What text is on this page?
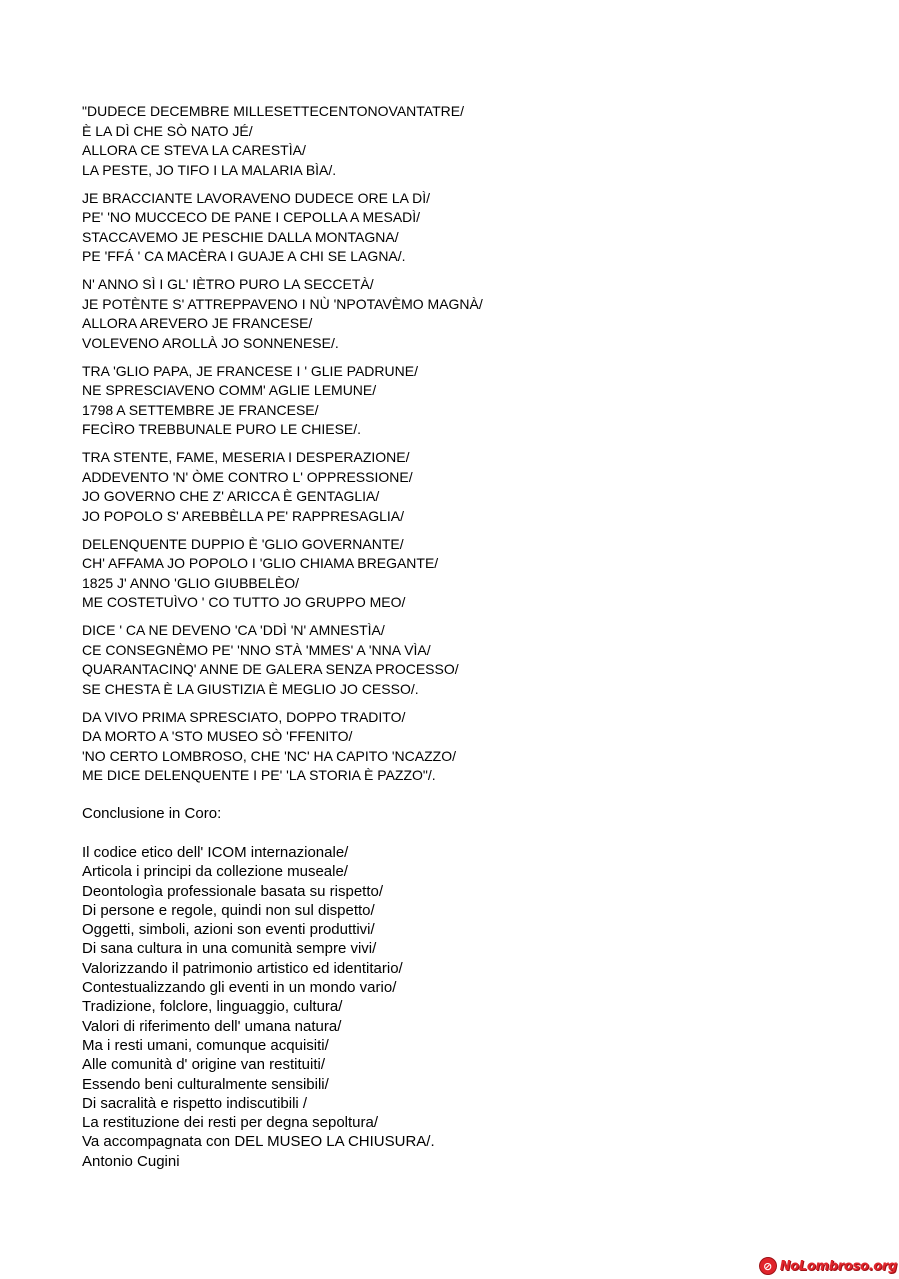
"DUDECE DECEMBRE MILLESETTECENTONOVANTATRE/
È LA DÌ CHE SÒ NATO JÉ/
ALLORA CE STEVA LA CARESTÌA/
LA PESTE, JO TIFO I LA MALARIA BÌA/.
JE BRACCIANTE LAVORAVENO DUDECE ORE LA DÌ/
PE' 'NO MUCCECO DE PANE I CEPOLLA A MESADÌ/
STACCAVEMO JE PESCHIE DALLA MONTAGNA/
PE 'FFÁ ' CA MACÈRA I GUAJE A CHI SE LAGNA/.
N' ANNO SÌ I GL' IÈTRO PURO LA SECCETÀ/
JE POTÈNTE S' ATTREPPAVENO I NÙ 'NPOTAVÈMO MAGNÀ/
ALLORA AREVERO JE FRANCESE/
VOLEVENO AROLLÀ JO SONNENESE/.
TRA 'GLIO PAPA, JE FRANCESE I ' GLIE PADRUNE/
NE SPRESCIAVENO COMM' AGLIE LEMUNE/
1798 A SETTEMBRE JE FRANCESE/
FECÌRO TREBBUNALE PURO LE CHIESE/.
TRA STENTE, FAME, MESERIA I DESPERAZIONE/
ADDEVENTO 'N' ÒME CONTRO L' OPPRESSIONE/
JO GOVERNO CHE Z' ARICCA È GENTAGLIA/
JO POPOLO S' AREBBÈLLA PE' RAPPRESAGLIA/
DELENQUENTE DUPPIO È 'GLIO GOVERNANTE/
CH' AFFAMA JO POPOLO I 'GLIO CHIAMA BREGANTE/
1825 J' ANNO 'GLIO GIUBBELÈO/
ME COSTETUÌVO ' CO TUTTO JO GRUPPO MEO/
DICE ' CA NE DEVENO 'CA 'DDÌ 'N' AMNESTÌA/
CE CONSEGNÈMO PE' 'NNO STÀ 'MMES' A 'NNA VÌA/
QUARANTACINQ' ANNE DE GALERA SENZA PROCESSO/
SE CHESTA È LA GIUSTIZIA È MEGLIO JO CESSO/.
DA VIVO PRIMA SPRESCIATO, DOPPO TRADITO/
DA MORTO A 'STO MUSEO SÒ 'FFENITO/
'NO CERTO LOMBROSO, CHE 'NC' HA CAPITO 'NCAZZO/
ME DICE DELENQUENTE I PE' 'LA STORIA È PAZZO"/.
Conclusione in Coro:
Il codice etico dell' ICOM internazionale/
Articola i principi da collezione museale/
Deontologìa professionale basata su rispetto/
Di persone e regole, quindi non sul dispetto/
Oggetti, simboli, azioni son eventi produttivi/
Di sana cultura in una comunità sempre vivi/
Valorizzando il patrimonio artistico ed identitario/
Contestualizzando gli eventi in un mondo vario/
Tradizione, folclore, linguaggio, cultura/
Valori di riferimento dell' umana natura/
Ma i resti umani, comunque acquisiti/
Alle comunità d' origine van restituiti/
Essendo beni culturalmente sensibili/
Di sacralità e rispetto indiscutibili /
La restituzione dei resti per degna sepoltura/
Va accompagnata con DEL MUSEO LA CHIUSURA/.
Antonio Cugini
⊘ NoLombroso.org
